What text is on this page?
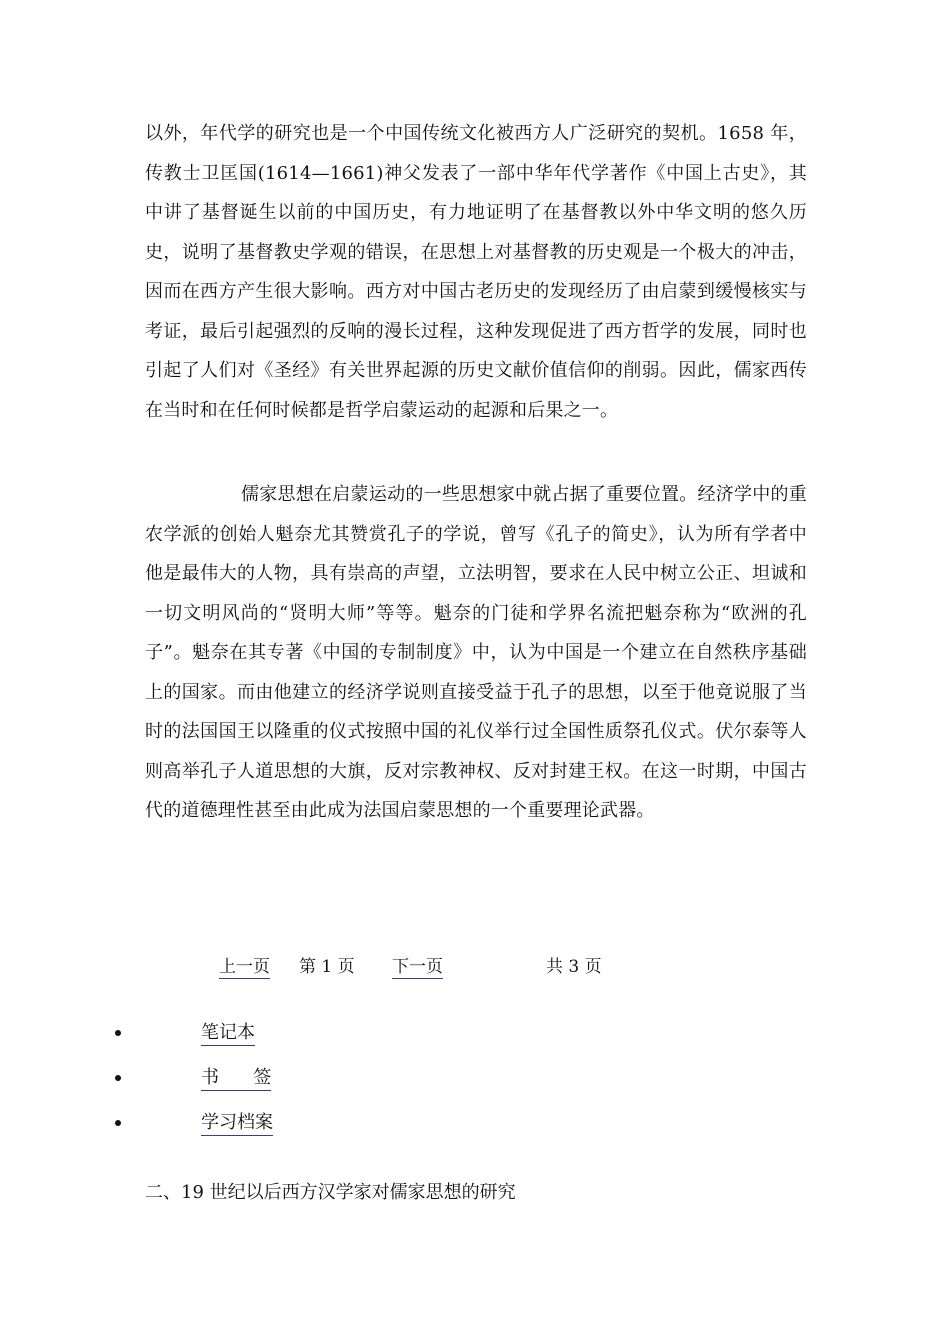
以外，年代学的研究也是一个中国传统文化被西方人广泛研究的契机。1658 年，传教士卫匡国(1614—1661)神父发表了一部中华年代学著作《中国上古史》，其中讲了基督诞生以前的中国历史，有力地证明了在基督教以外中华文明的悠久历史，说明了基督教史学观的错误，在思想上对基督教的历史观是一个极大的冲击，因而在西方产生很大影响。西方对中国古老历史的发现经历了由启蒙到缓慢核实与考证，最后引起强烈的反响的漫长过程，这种发现促进了西方哲学的发展，同时也引起了人们对《圣经》有关世界起源的历史文献价值信仰的削弱。因此，儒家西传在当时和在任何时候都是哲学启蒙运动的起源和后果之一。

儒家思想在启蒙运动的一些思想家中就占据了重要位置。经济学中的重农学派的创始人魁奈尤其赞赏孔子的学说，曾写《孔子的简史》，认为所有学者中他是最伟大的人物，具有崇高的声望，立法明智，要求在人民中树立公正、坦诚和一切文明风尚的“贤明大师”等等。魁奈的门徒和学界名流把魁奈称为“欧洲的孔子”。魁奈在其专著《中国的专制制度》中，认为中国是一个建立在自然秩序基础上的国家。而由他建立的经济学说则直接受益于孔子的思想，以至于他竟说服了当时的法国国王以隆重的仪式按照中国的礼仪举行过全国性质祭孔仪式。伏尔泰等人则高举孔子人道思想的大旗，反对宗教神权、反对封建王权。在这一时期，中国古代的道德理性甚至由此成为法国启蒙思想的一个重要理论武器。

上一页 第 1 页 下一页	共 3 页
笔记本
书      签
学习档案
二、19 世纪以后西方汉学家对儒家思想的研究
